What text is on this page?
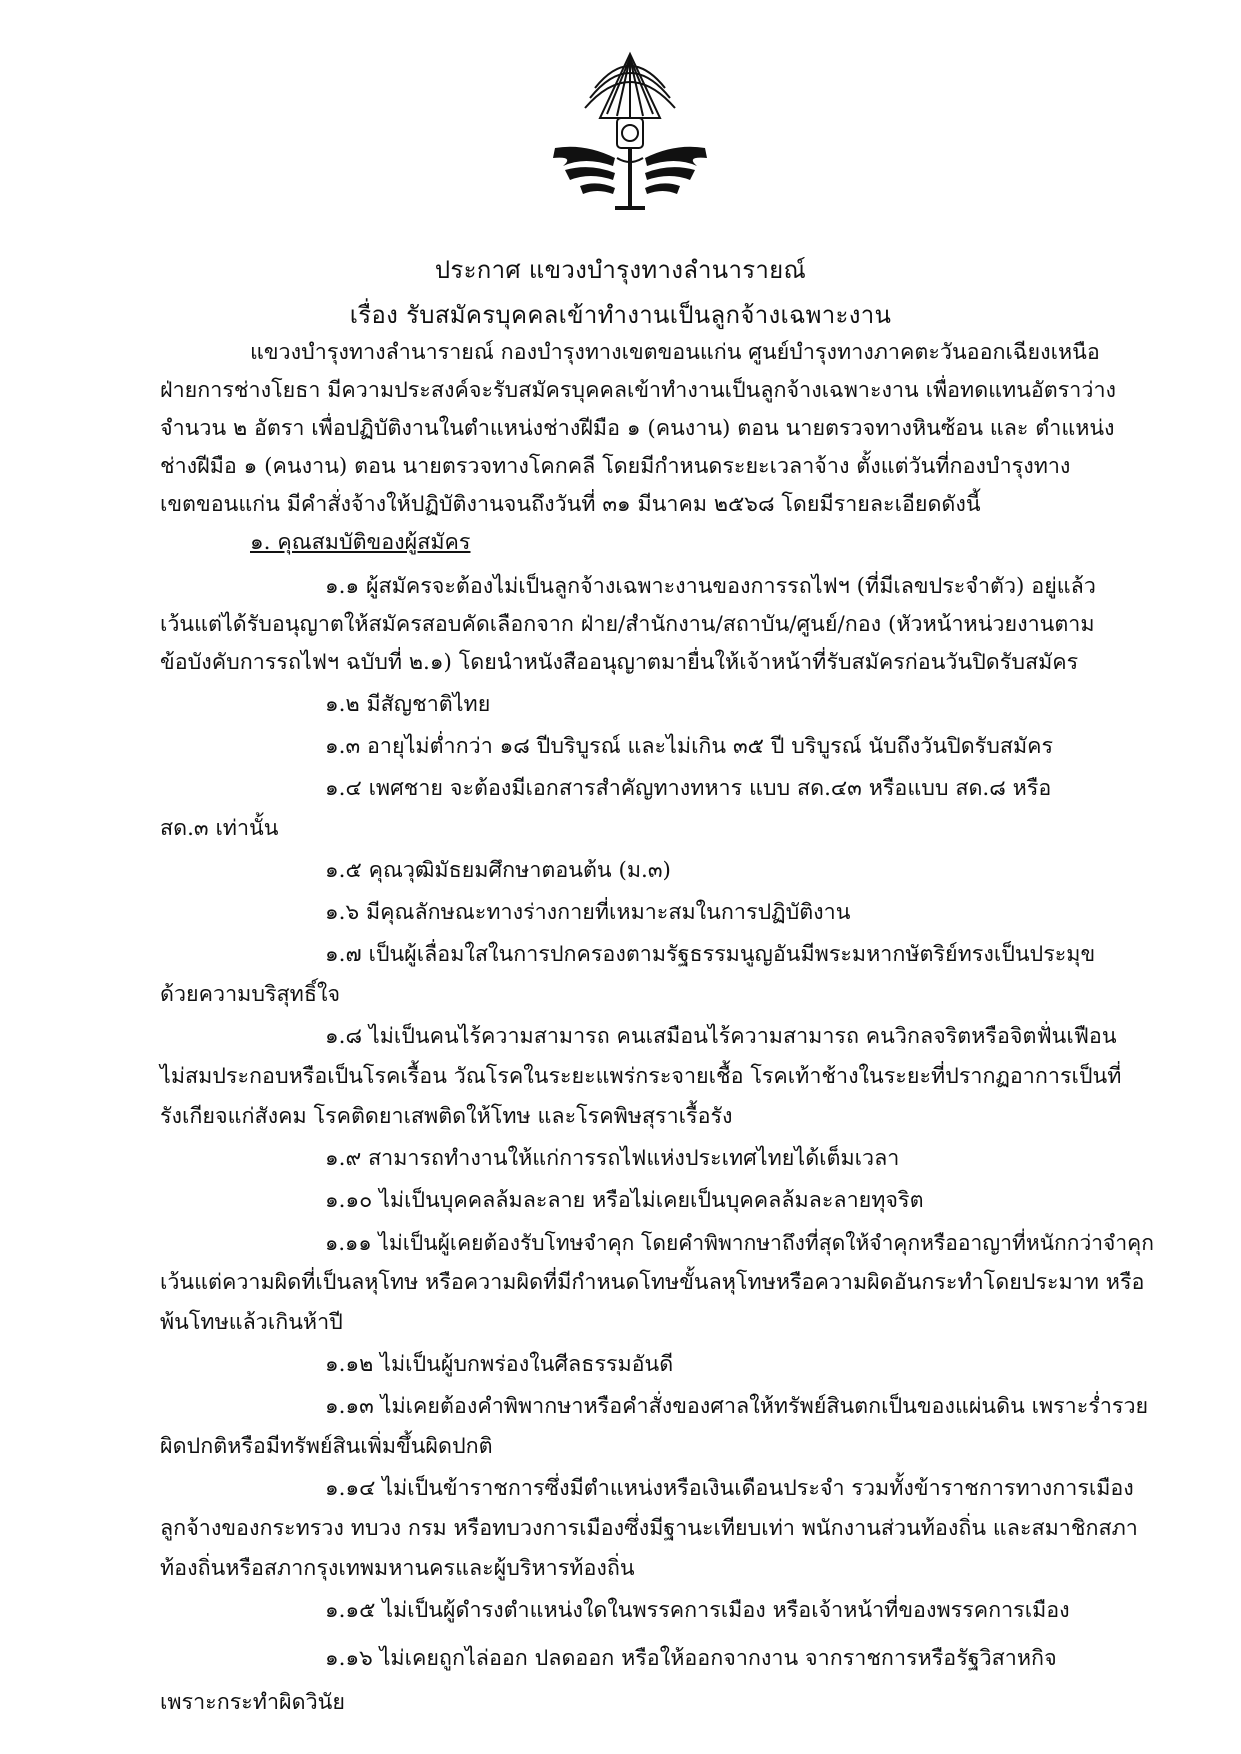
ประกาศ แขวงบำรุงทางลำนารายณ์
เรื่อง รับสมัครบุคคลเข้าทำงานเป็นลูกจ้างเฉพาะงาน
แขวงบำรุงทางลำนารายณ์ กองบำรุงทางเขตขอนแก่น ศูนย์บำรุงทางภาคตะวันออกเฉียงเหนือ
ฝ่ายการช่างโยธา มีความประสงค์จะรับสมัครบุคคลเข้าทำงานเป็นลูกจ้างเฉพาะงาน เพื่อทดแทนอัตราว่าง
จำนวน ๒ อัตรา เพื่อปฏิบัติงานในตำแหน่งช่างฝีมือ ๑ (คนงาน) ตอน นายตรวจทางหินซ้อน และ ตำแหน่ง
ช่างฝีมือ ๑ (คนงาน) ตอน นายตรวจทางโคกคลี โดยมีกำหนดระยะเวลาจ้าง ตั้งแต่วันที่กองบำรุงทาง
เขตขอนแก่น มีคำสั่งจ้างให้ปฏิบัติงานจนถึงวันที่ ๓๑ มีนาคม ๒๕๖๘ โดยมีรายละเอียดดังนี้
๑. คุณสมบัติของผู้สมัคร
๑.๑ ผู้สมัครจะต้องไม่เป็นลูกจ้างเฉพาะงานของการรถไฟฯ (ที่มีเลขประจำตัว) อยู่แล้ว
เว้นแต่ได้รับอนุญาตให้สมัครสอบคัดเลือกจาก ฝ่าย/สำนักงาน/สถาบัน/ศูนย์/กอง (หัวหน้าหน่วยงานตาม
ข้อบังคับการรถไฟฯ ฉบับที่ ๒.๑) โดยนำหนังสืออนุญาตมายื่นให้เจ้าหน้าที่รับสมัครก่อนวันปิดรับสมัคร
๑.๒ มีสัญชาติไทย
๑.๓ อายุไม่ต่ำกว่า ๑๘ ปีบริบูรณ์ และไม่เกิน ๓๕ ปี บริบูรณ์ นับถึงวันปิดรับสมัคร
๑.๔ เพศชาย จะต้องมีเอกสารสำคัญทางทหาร แบบ สด.๔๓ หรือแบบ สด.๘ หรือ
สด.๓ เท่านั้น
๑.๕ คุณวุฒิมัธยมศึกษาตอนต้น (ม.๓)
๑.๖ มีคุณลักษณะทางร่างกายที่เหมาะสมในการปฏิบัติงาน
๑.๗ เป็นผู้เลื่อมใสในการปกครองตามรัฐธรรมนูญอันมีพระมหากษัตริย์ทรงเป็นประมุข
ด้วยความบริสุทธิ์ใจ
๑.๘ ไม่เป็นคนไร้ความสามารถ คนเสมือนไร้ความสามารถ คนวิกลจริตหรือจิตฟั่นเฟือน
ไม่สมประกอบหรือเป็นโรคเรื้อน วัณโรคในระยะแพร่กระจายเชื้อ โรคเท้าช้างในระยะที่ปรากฏอาการเป็นที่
รังเกียจแก่สังคม โรคติดยาเสพติดให้โทษ และโรคพิษสุราเรื้อรัง
๑.๙ สามารถทำงานให้แก่การรถไฟแห่งประเทศไทยได้เต็มเวลา
๑.๑๐ ไม่เป็นบุคคลล้มละลาย หรือไม่เคยเป็นบุคคลล้มละลายทุจริต
๑.๑๑ ไม่เป็นผู้เคยต้องรับโทษจำคุก โดยคำพิพากษาถึงที่สุดให้จำคุกหรืออาญาที่หนักกว่าจำคุก
เว้นแต่ความผิดที่เป็นลหุโทษ หรือความผิดที่มีกำหนดโทษขั้นลหุโทษหรือความผิดอันกระทำโดยประมาท หรือ
พ้นโทษแล้วเกินห้าปี
๑.๑๒ ไม่เป็นผู้บกพร่องในศีลธรรมอันดี
๑.๑๓ ไม่เคยต้องคำพิพากษาหรือคำสั่งของศาลให้ทรัพย์สินตกเป็นของแผ่นดิน เพราะร่ำรวย
ผิดปกติหรือมีทรัพย์สินเพิ่มขึ้นผิดปกติ
๑.๑๔ ไม่เป็นข้าราชการซึ่งมีตำแหน่งหรือเงินเดือนประจำ รวมทั้งข้าราชการทางการเมือง
ลูกจ้างของกระทรวง ทบวง กรม หรือทบวงการเมืองซึ่งมีฐานะเทียบเท่า พนักงานส่วนท้องถิ่น และสมาชิกสภา
ท้องถิ่นหรือสภากรุงเทพมหานครและผู้บริหารท้องถิ่น
๑.๑๕ ไม่เป็นผู้ดำรงตำแหน่งใดในพรรคการเมือง หรือเจ้าหน้าที่ของพรรคการเมือง
๑.๑๖ ไม่เคยถูกไล่ออก ปลดออก หรือให้ออกจากงาน จากราชการหรือรัฐวิสาหกิจ
เพราะกระทำผิดวินัย
